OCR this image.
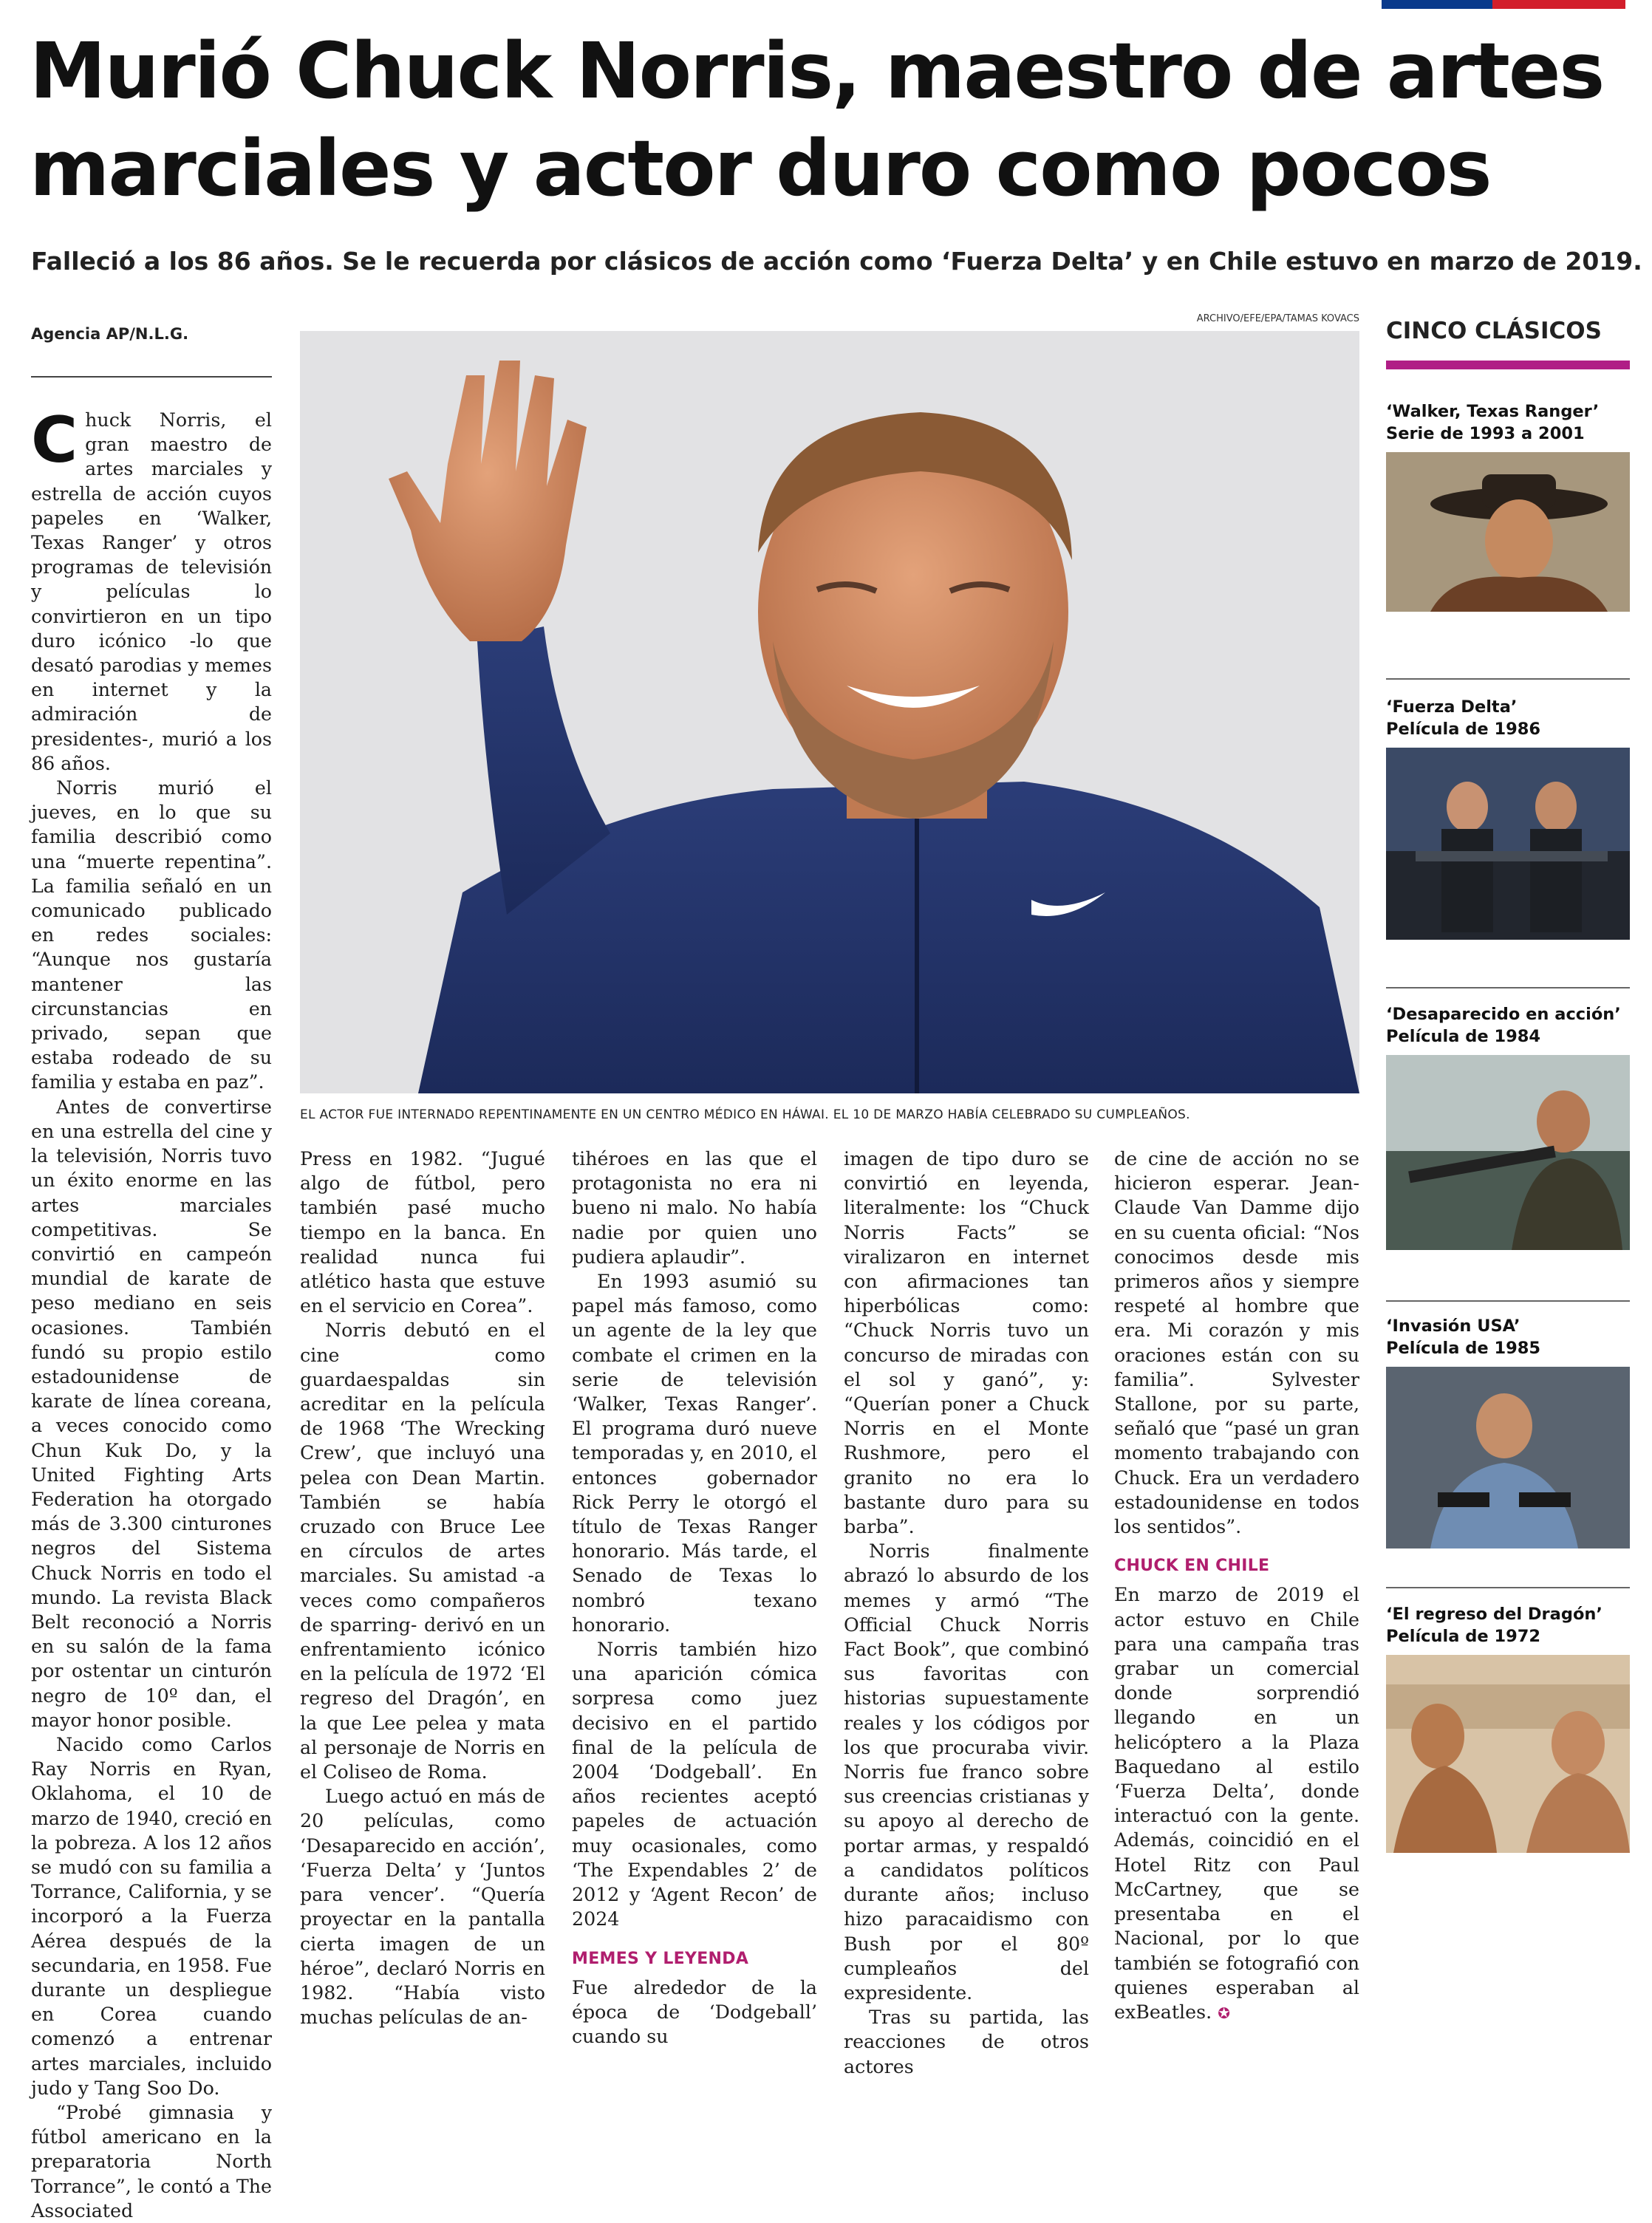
Murió Chuck Norris, maestro de artes
marciales y actor duro como pocos
Falleció a los 86 años. Se le recuerda por clásicos de acción como ‘Fuerza Delta’ y en Chile estuvo en marzo de 2019.
Agencia AP/N.L.G.
ARCHIVO/EFE/EPA/TAMAS KOVACS
EL ACTOR FUE INTERNADO REPENTINAMENTE EN UN CENTRO MÉDICO EN HÁWAI. EL 10 DE MARZO HABÍA CELEBRADO SU CUMPLEAÑOS.

Chuck Norris, el gran maestro de artes marciales y estrella de acción cuyos papeles en ‘Walker, Texas Ranger’ y otros programas de televisión y películas lo convirtieron en un tipo duro icónico -lo que desató parodias y memes en internet y la admiración de presidentes-, murió a los 86 años.

Norris murió el jueves, en lo que su familia describió como una “muerte repentina”. La familia señaló en un comunicado publicado en redes sociales: “Aunque nos gustaría mantener las circunstancias en privado, sepan que estaba rodeado de su familia y estaba en paz”.

Antes de convertirse en una estrella del cine y la televisión, Norris tuvo un éxito enorme en las artes marciales competitivas. Se convirtió en campeón mundial de karate de peso mediano en seis ocasiones. También fundó su propio estilo estadounidense de karate de línea coreana, a veces conocido como Chun Kuk Do, y la United Fighting Arts Federation ha otorgado más de 3.300 cinturones negros del Sistema Chuck Norris en todo el mundo. La revista Black Belt reconoció a Norris en su salón de la fama por ostentar un cinturón negro de 10º dan, el mayor honor posible.

Nacido como Carlos Ray Norris en Ryan, Oklahoma, el 10 de marzo de 1940, creció en la pobreza. A los 12 años se mudó con su familia a Torrance, California, y se incorporó a la Fuerza Aérea después de la secundaria, en 1958. Fue durante un despliegue en Corea cuando comenzó a entrenar artes marciales, incluido judo y Tang Soo Do.

“Probé gimnasia y fútbol americano en la preparatoria North Torrance”, le contó a The Associated

Press en 1982. “Jugué algo de fútbol, pero también pasé mucho tiempo en la banca. En realidad nunca fui atlético hasta que estuve en el servicio en Corea”.

Norris debutó en el cine como guardaespaldas sin acreditar en la película de 1968 ‘The Wrecking Crew’, que incluyó una pelea con Dean Martin. También se había cruzado con Bruce Lee en círculos de artes marciales. Su amistad -a veces como compañeros de sparring- derivó en un enfrentamiento icónico en la película de 1972 ‘El regreso del Dragón’, en la que Lee pelea y mata al personaje de Norris en el Coliseo de Roma.

Luego actuó en más de 20 películas, como ‘Desaparecido en acción’, ‘Fuerza Delta’ y ‘Juntos para vencer’. “Quería proyectar en la pantalla cierta imagen de un héroe”, declaró Norris en 1982. “Había visto muchas películas de an-

tihéroes en las que el protagonista no era ni bueno ni malo. No había nadie por quien uno pudiera aplaudir”.

En 1993 asumió su papel más famoso, como un agente de la ley que combate el crimen en la serie de televisión ‘Walker, Texas Ranger’. El programa duró nueve temporadas y, en 2010, el entonces gobernador Rick Perry le otorgó el título de Texas Ranger honorario. Más tarde, el Senado de Texas lo nombró texano honorario.

Norris también hizo una aparición cómica sorpresa como juez decisivo en el partido final de la película de 2004 ‘Dodgeball’. En años recientes aceptó papeles de actuación muy ocasionales, como ‘The Expendables 2’ de 2012 y ‘Agent Recon’ de 2024

MEMES Y LEYENDA

Fue alrededor de la época de ‘Dodgeball’ cuando su

imagen de tipo duro se convirtió en leyenda, literalmente: los “Chuck Norris Facts” se viralizaron en internet con afirmaciones tan hiperbólicas como: “Chuck Norris tuvo un concurso de miradas con el sol y ganó”, y: “Querían poner a Chuck Norris en el Monte Rushmore, pero el granito no era lo bastante duro para su barba”.

Norris finalmente abrazó lo absurdo de los memes y armó “The Official Chuck Norris Fact Book”, que combinó sus favoritas con historias supuestamente reales y los códigos por los que procuraba vivir. Norris fue franco sobre sus creencias cristianas y su apoyo al derecho de portar armas, y respaldó a candidatos políticos durante años; incluso hizo paracaidismo con Bush por el 80º cumpleaños del expresidente.

Tras su partida, las reacciones de otros actores

de cine de acción no se hicieron esperar. Jean-Claude Van Damme dijo en su cuenta oficial: “Nos conocimos desde mis primeros años y siempre respeté al hombre que era. Mi corazón y mis oraciones están con su familia”. Sylvester Stallone, por su parte, señaló que “pasé un gran momento trabajando con Chuck. Era un verdadero estadounidense en todos los sentidos”.

CHUCK EN CHILE

En marzo de 2019 el actor estuvo en Chile para una campaña tras grabar un comercial donde sorprendió llegando en un helicóptero a la Plaza Baquedano al estilo ‘Fuerza Delta’, donde interactuó con la gente. Además, coincidió en el Hotel Ritz con Paul McCartney, que se presentaba en el Nacional, por lo que también se fotografió con quienes esperaban al exBeatles. ✪

CINCO CLÁSICOS
‘Walker, Texas Ranger’
Serie de 1993 a 2001
‘Fuerza Delta’
Película de 1986
‘Desaparecido en acción’
Película de 1984
‘Invasión USA’
Película de 1985
‘El regreso del Dragón’
Película de 1972
